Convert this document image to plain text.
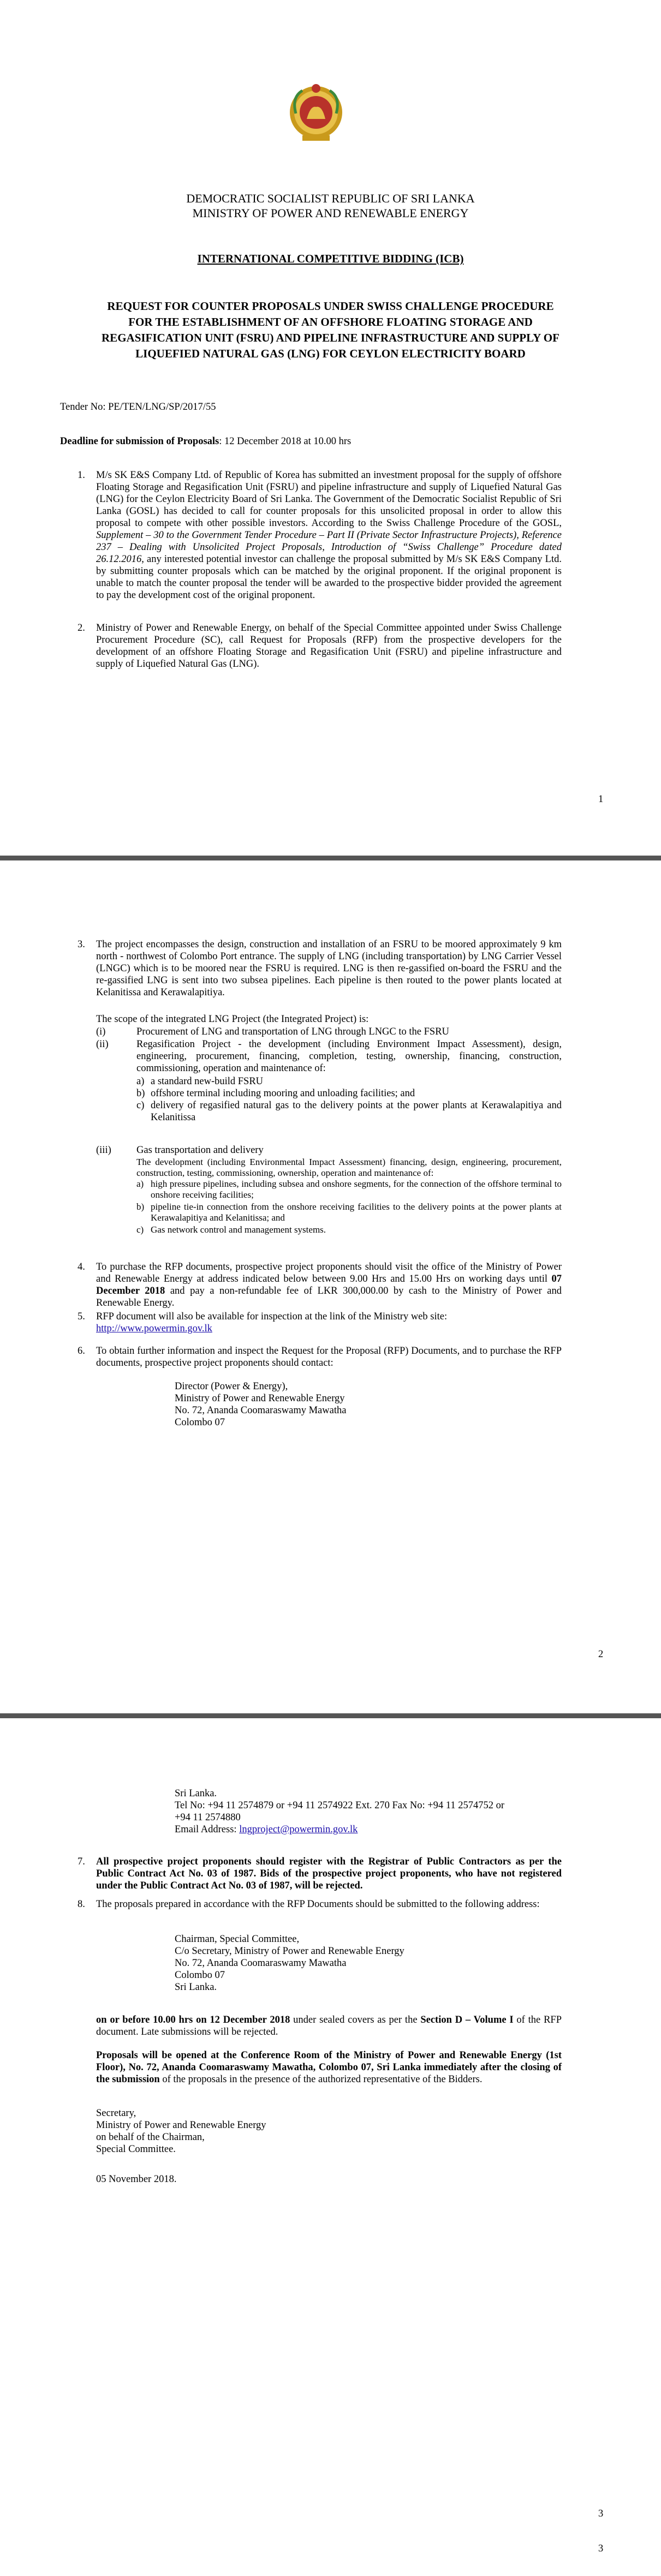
DEMOCRATIC SOCIALIST REPUBLIC OF SRI LANKA
MINISTRY OF POWER AND RENEWABLE ENERGY
INTERNATIONAL COMPETITIVE BIDDING (ICB)
REQUEST FOR COUNTER PROPOSALS UNDER SWISS CHALLENGE PROCEDURE
FOR THE ESTABLISHMENT OF AN OFFSHORE FLOATING STORAGE AND
REGASIFICATION UNIT (FSRU) AND PIPELINE INFRASTRUCTURE AND SUPPLY OF
LIQUEFIED NATURAL GAS (LNG) FOR CEYLON ELECTRICITY BOARD
Tender No: PE/TEN/LNG/SP/2017/55
Deadline for submission of Proposals: 12 December 2018 at 10.00 hrs
1. M/s SK E&S Company Ltd. of Republic of Korea has submitted an investment proposal for the supply of offshore Floating Storage and Regasification Unit (FSRU) and pipeline infrastructure and supply of Liquefied Natural Gas (LNG) for the Ceylon Electricity Board of Sri Lanka. The Government of the Democratic Socialist Republic of Sri Lanka (GOSL) has decided to call for counter proposals for this unsolicited proposal in order to allow this proposal to compete with other possible investors. According to the Swiss Challenge Procedure of the GOSL, Supplement – 30 to the Government Tender Procedure – Part II (Private Sector Infrastructure Projects), Reference 237 – Dealing with Unsolicited Project Proposals, Introduction of “Swiss Challenge” Procedure dated 26.12.2016, any interested potential investor can challenge the proposal submitted by M/s SK E&S Company Ltd. by submitting counter proposals which can be matched by the original proponent. If the original proponent is unable to match the counter proposal the tender will be awarded to the prospective bidder provided the agreement to pay the development cost of the original proponent.
2. Ministry of Power and Renewable Energy, on behalf of the Special Committee appointed under Swiss Challenge Procurement Procedure (SC), call Request for Proposals (RFP) from the prospective developers for the development of an offshore Floating Storage and Regasification Unit (FSRU) and pipeline infrastructure and supply of Liquefied Natural Gas (LNG).
1
3. The project encompasses the design, construction and installation of an FSRU to be moored approximately 9 km north - northwest of Colombo Port entrance. The supply of LNG (including transportation) by LNG Carrier Vessel (LNGC) which is to be moored near the FSRU is required. LNG is then re-gassified on-board the FSRU and the re-gassified LNG is sent into two subsea pipelines. Each pipeline is then routed to the power plants located at Kelanitissa and Kerawalapitiya.
The scope of the integrated LNG Project (the Integrated Project) is:
(i)	Procurement of LNG and transportation of LNG through LNGC to the FSRU
(ii)	Regasification Project - the development (including Environment Impact Assessment), design, engineering, procurement, financing, completion, testing, ownership, financing, construction, commissioning, operation and maintenance of:
a) a standard new-build FSRU
b) offshore terminal including mooring and unloading facilities; and
c) delivery of regasified natural gas to the delivery points at the power plants at Kerawalapitiya and Kelanitissa
(iii)	Gas transportation and delivery
The development (including Environmental Impact Assessment) financing, design, engineering, procurement, construction, testing, commissioning, ownership, operation and maintenance of:
a) high pressure pipelines, including subsea and onshore segments, for the connection of the offshore terminal to onshore receiving facilities;
b) pipeline tie-in connection from the onshore receiving facilities to the delivery points at the power plants at Kerawalapitiya and Kelanitissa; and
c) Gas network control and management systems.
4. To purchase the RFP documents, prospective project proponents should visit the office of the Ministry of Power and Renewable Energy at address indicated below between 9.00 Hrs and 15.00 Hrs on working days until 07 December 2018 and pay a non-refundable fee of LKR 300,000.00 by cash to the Ministry of Power and Renewable Energy.
5. RFP document will also be available for inspection at the link of the Ministry web site:
http://www.powermin.gov.lk
6. To obtain further information and inspect the Request for the Proposal (RFP) Documents, and to purchase the RFP documents, prospective project proponents should contact:
Director (Power & Energy),
Ministry of Power and Renewable Energy
No. 72, Ananda Coomaraswamy Mawatha
Colombo 07
2
Sri Lanka.
Tel No: +94 11 2574879 or +94 11 2574922 Ext. 270 Fax No: +94 11 2574752 or
+94 11 2574880
Email Address: lngproject@powermin.gov.lk
7. All prospective project proponents should register with the Registrar of Public Contractors as per the Public Contract Act No. 03 of 1987. Bids of the prospective project proponents, who have not registered under the Public Contract Act No. 03 of 1987, will be rejected.
8. The proposals prepared in accordance with the RFP Documents should be submitted to the following address:
Chairman, Special Committee,
C/o Secretary, Ministry of Power and Renewable Energy
No. 72, Ananda Coomaraswamy Mawatha
Colombo 07
Sri Lanka.
on or before 10.00 hrs on 12 December 2018 under sealed covers as per the Section D – Volume I of the RFP document. Late submissions will be rejected.
Proposals will be opened at the Conference Room of the Ministry of Power and Renewable Energy (1st Floor), No. 72, Ananda Coomaraswamy Mawatha, Colombo 07, Sri Lanka immediately after the closing of the submission of the proposals in the presence of the authorized representative of the Bidders.
Secretary,
Ministry of Power and Renewable Energy
on behalf of the Chairman,
Special Committee.
05 November 2018.
3
3
